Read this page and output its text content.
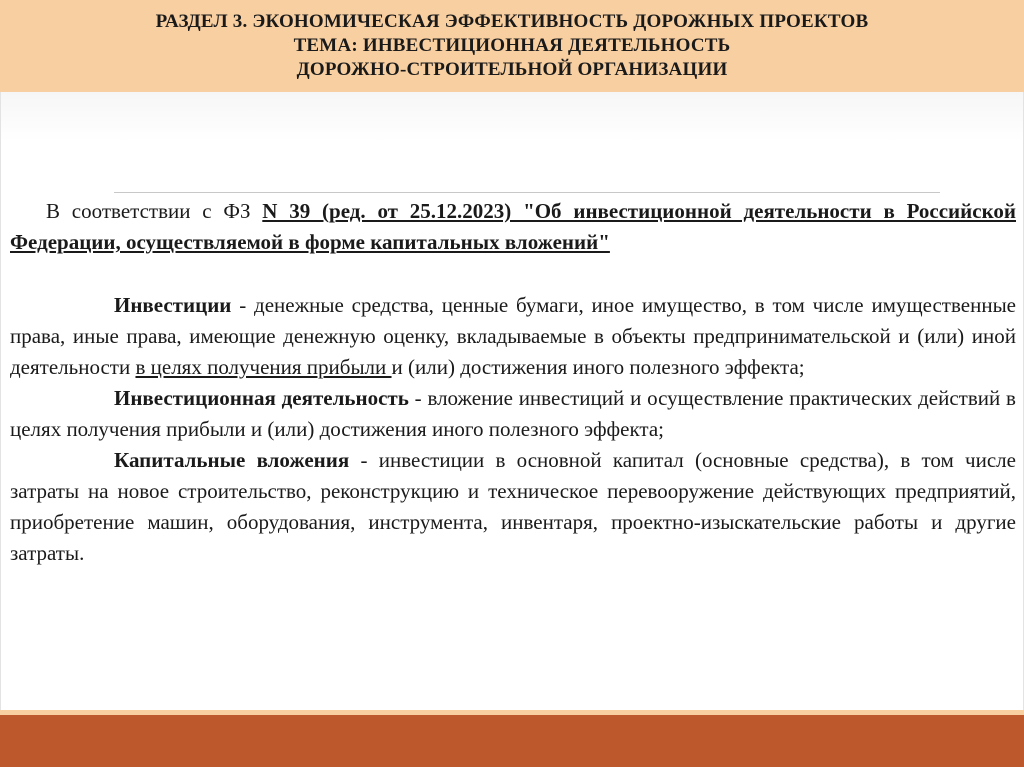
РАЗДЕЛ 3. ЭКОНОМИЧЕСКАЯ ЭФФЕКТИВНОСТЬ ДОРОЖНЫХ ПРОЕКТОВ
ТЕМА: ИНВЕСТИЦИОННАЯ ДЕЯТЕЛЬНОСТЬ
ДОРОЖНО-СТРОИТЕЛЬНОЙ ОРГАНИЗАЦИИ

В соответствии с ФЗ N 39 (ред. от 25.12.2023) "Об инвестиционной деятельности в Российской Федерации, осуществляемой в форме капитальных вложений"

Инвестиции - денежные средства, ценные бумаги, иное имущество, в том числе имущественные права, иные права, имеющие денежную оценку, вкладываемые в объекты предпринимательской и (или) иной деятельности в целях получения прибыли и (или) достижения иного полезного эффекта;

Инвестиционная деятельность - вложение инвестиций и осуществление практических действий в целях получения прибыли и (или) достижения иного полезного эффекта;

Капитальные вложения - инвестиции в основной капитал (основные средства), в том числе затраты на новое строительство, реконструкцию и техническое перевооружение действующих предприятий, приобретение машин, оборудования, инструмента, инвентаря, проектно-изыскательские работы и другие затраты.
